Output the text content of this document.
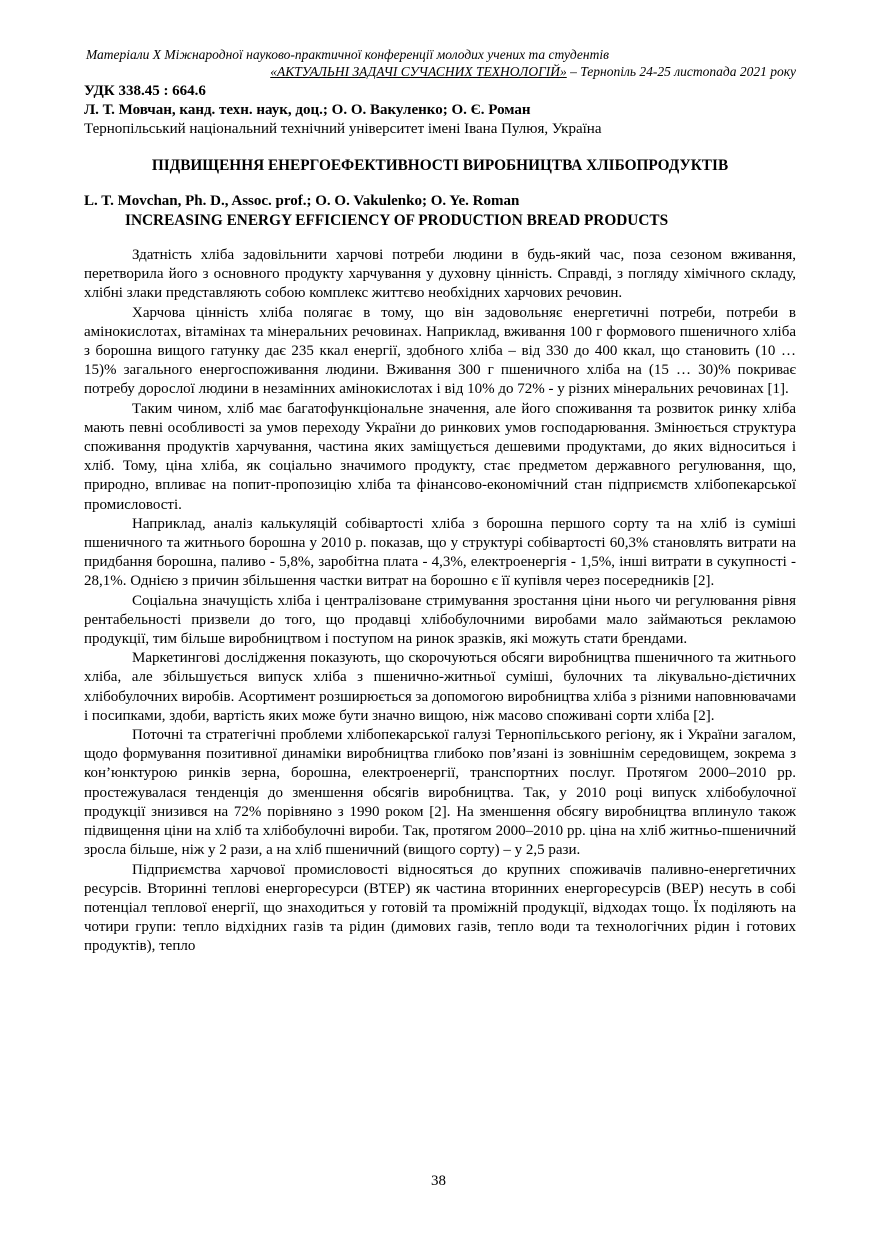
Матеріали X Міжнародної науково-практичної конференції молодих учених та студентів
«АКТУАЛЬНІ ЗАДАЧІ СУЧАСНИХ ТЕХНОЛОГІЙ» – Тернопіль 24-25 листопада 2021 року
УДК 338.45 : 664.6
Л. Т. Мовчан, канд. техн. наук, доц.; О. О. Вакуленко; О. Є. Роман
Тернопільський національний технічний університет імені Івана Пулюя, Україна
ПІДВИЩЕННЯ ЕНЕРГОЕФЕКТИВНОСТІ ВИРОБНИЦТВА ХЛІБОПРОДУКТІВ
L. T. Movchan, Ph. D., Assoc. prof.; O. O. Vakulenko; O. Ye. Roman
INCREASING ENERGY EFFICIENCY OF PRODUCTION BREAD PRODUCTS

Здатність хліба задовільнити харчові потреби людини в будь-який час, поза сезоном вживання, перетворила його з основного продукту харчування у духовну цінність. Справді, з погляду хімічного складу, хлібні злаки представляють собою комплекс життєво необхідних харчових речовин.

Харчова цінність хліба полягає в тому, що він задовольняє енергетичні потреби, потреби в амінокислотах, вітамінах та мінеральних речовинах. Наприклад, вживання 100 г формового пшеничного хліба з борошна вищого гатунку дає 235 ккал енергії, здобного хліба – від 330 до 400 ккал, що становить (10 … 15)% загального енергоспоживання людини. Вживання 300 г пшеничного хліба на (15 … 30)% покриває потребу дорослої людини в незамінних амінокислотах і від 10% до 72% - у різних мінеральних речовинах [1].

Таким чином, хліб має багатофункціональне значення, але його споживання та розвиток ринку хліба мають певні особливості за умов переходу України до ринкових умов господарювання. Змінюється структура споживання продуктів харчування, частина яких заміщується дешевими продуктами, до яких відноситься і хліб. Тому, ціна хліба, як соціально значимого продукту, стає предметом державного регулювання, що, природно, впливає на попит-пропозицію хліба та фінансово-економічний стан підприємств хлібопекарської промисловості.

Наприклад, аналіз калькуляцій собівартості хліба з борошна першого сорту та на хліб із суміші пшеничного та житнього борошна у 2010 р. показав, що у структурі собівартості 60,3% становлять витрати на придбання борошна, паливо - 5,8%, заробітна плата - 4,3%, електроенергія - 1,5%, інші витрати в сукупності - 28,1%. Однією з причин збільшення частки витрат на борошно є її купівля через посередників [2].

Соціальна значущість хліба і централізоване стримування зростання ціни нього чи регулювання рівня рентабельності призвели до того, що продавці хлібобулочними виробами мало займаються рекламою продукції, тим більше виробництвом і поступом на ринок зразків, які можуть стати брендами.

Маркетингові дослідження показують, що скорочуються обсяги виробництва пшеничного та житнього хліба, але збільшується випуск хліба з пшенично-житньої суміші, булочних та лікувально-дієтичних хлібобулочних виробів. Асортимент розширюється за допомогою виробництва хліба з різними наповнювачами і посипками, здоби, вартість яких може бути значно вищою, ніж масово споживані сорти хліба [2].

Поточні та стратегічні проблеми хлібопекарської галузі Тернопільського регіону, як і України загалом, щодо формування позитивної динаміки виробництва глибоко пов’язані із зовнішнім середовищем, зокрема з кон’юнктурою ринків зерна, борошна, електроенергії, транспортних послуг. Протягом 2000–2010 рр. простежувалася тенденція до зменшення обсягів виробництва. Так, у 2010 році випуск хлібобулочної продукції знизився на 72% порівняно з 1990 роком [2]. На зменшення обсягу виробництва вплинуло також підвищення ціни на хліб та хлібобулочні вироби. Так, протягом 2000–2010 рр. ціна на хліб житньо-пшеничний зросла більше, ніж у 2 рази, а на хліб пшеничний (вищого сорту) – у 2,5 рази.

Підприємства харчової промисловості відносяться до крупних споживачів паливно-енергетичних ресурсів. Вторинні теплові енергоресурси (ВТЕР) як частина вторинних енергоресурсів (ВЕР) несуть в собі потенціал теплової енергії, що знаходиться у готовій та проміжній продукції, відходах тощо. Їх поділяють на чотири групи: тепло відхідних газів та рідин (димових газів, тепло води та технологічних рідин і готових продуктів), тепло

38
